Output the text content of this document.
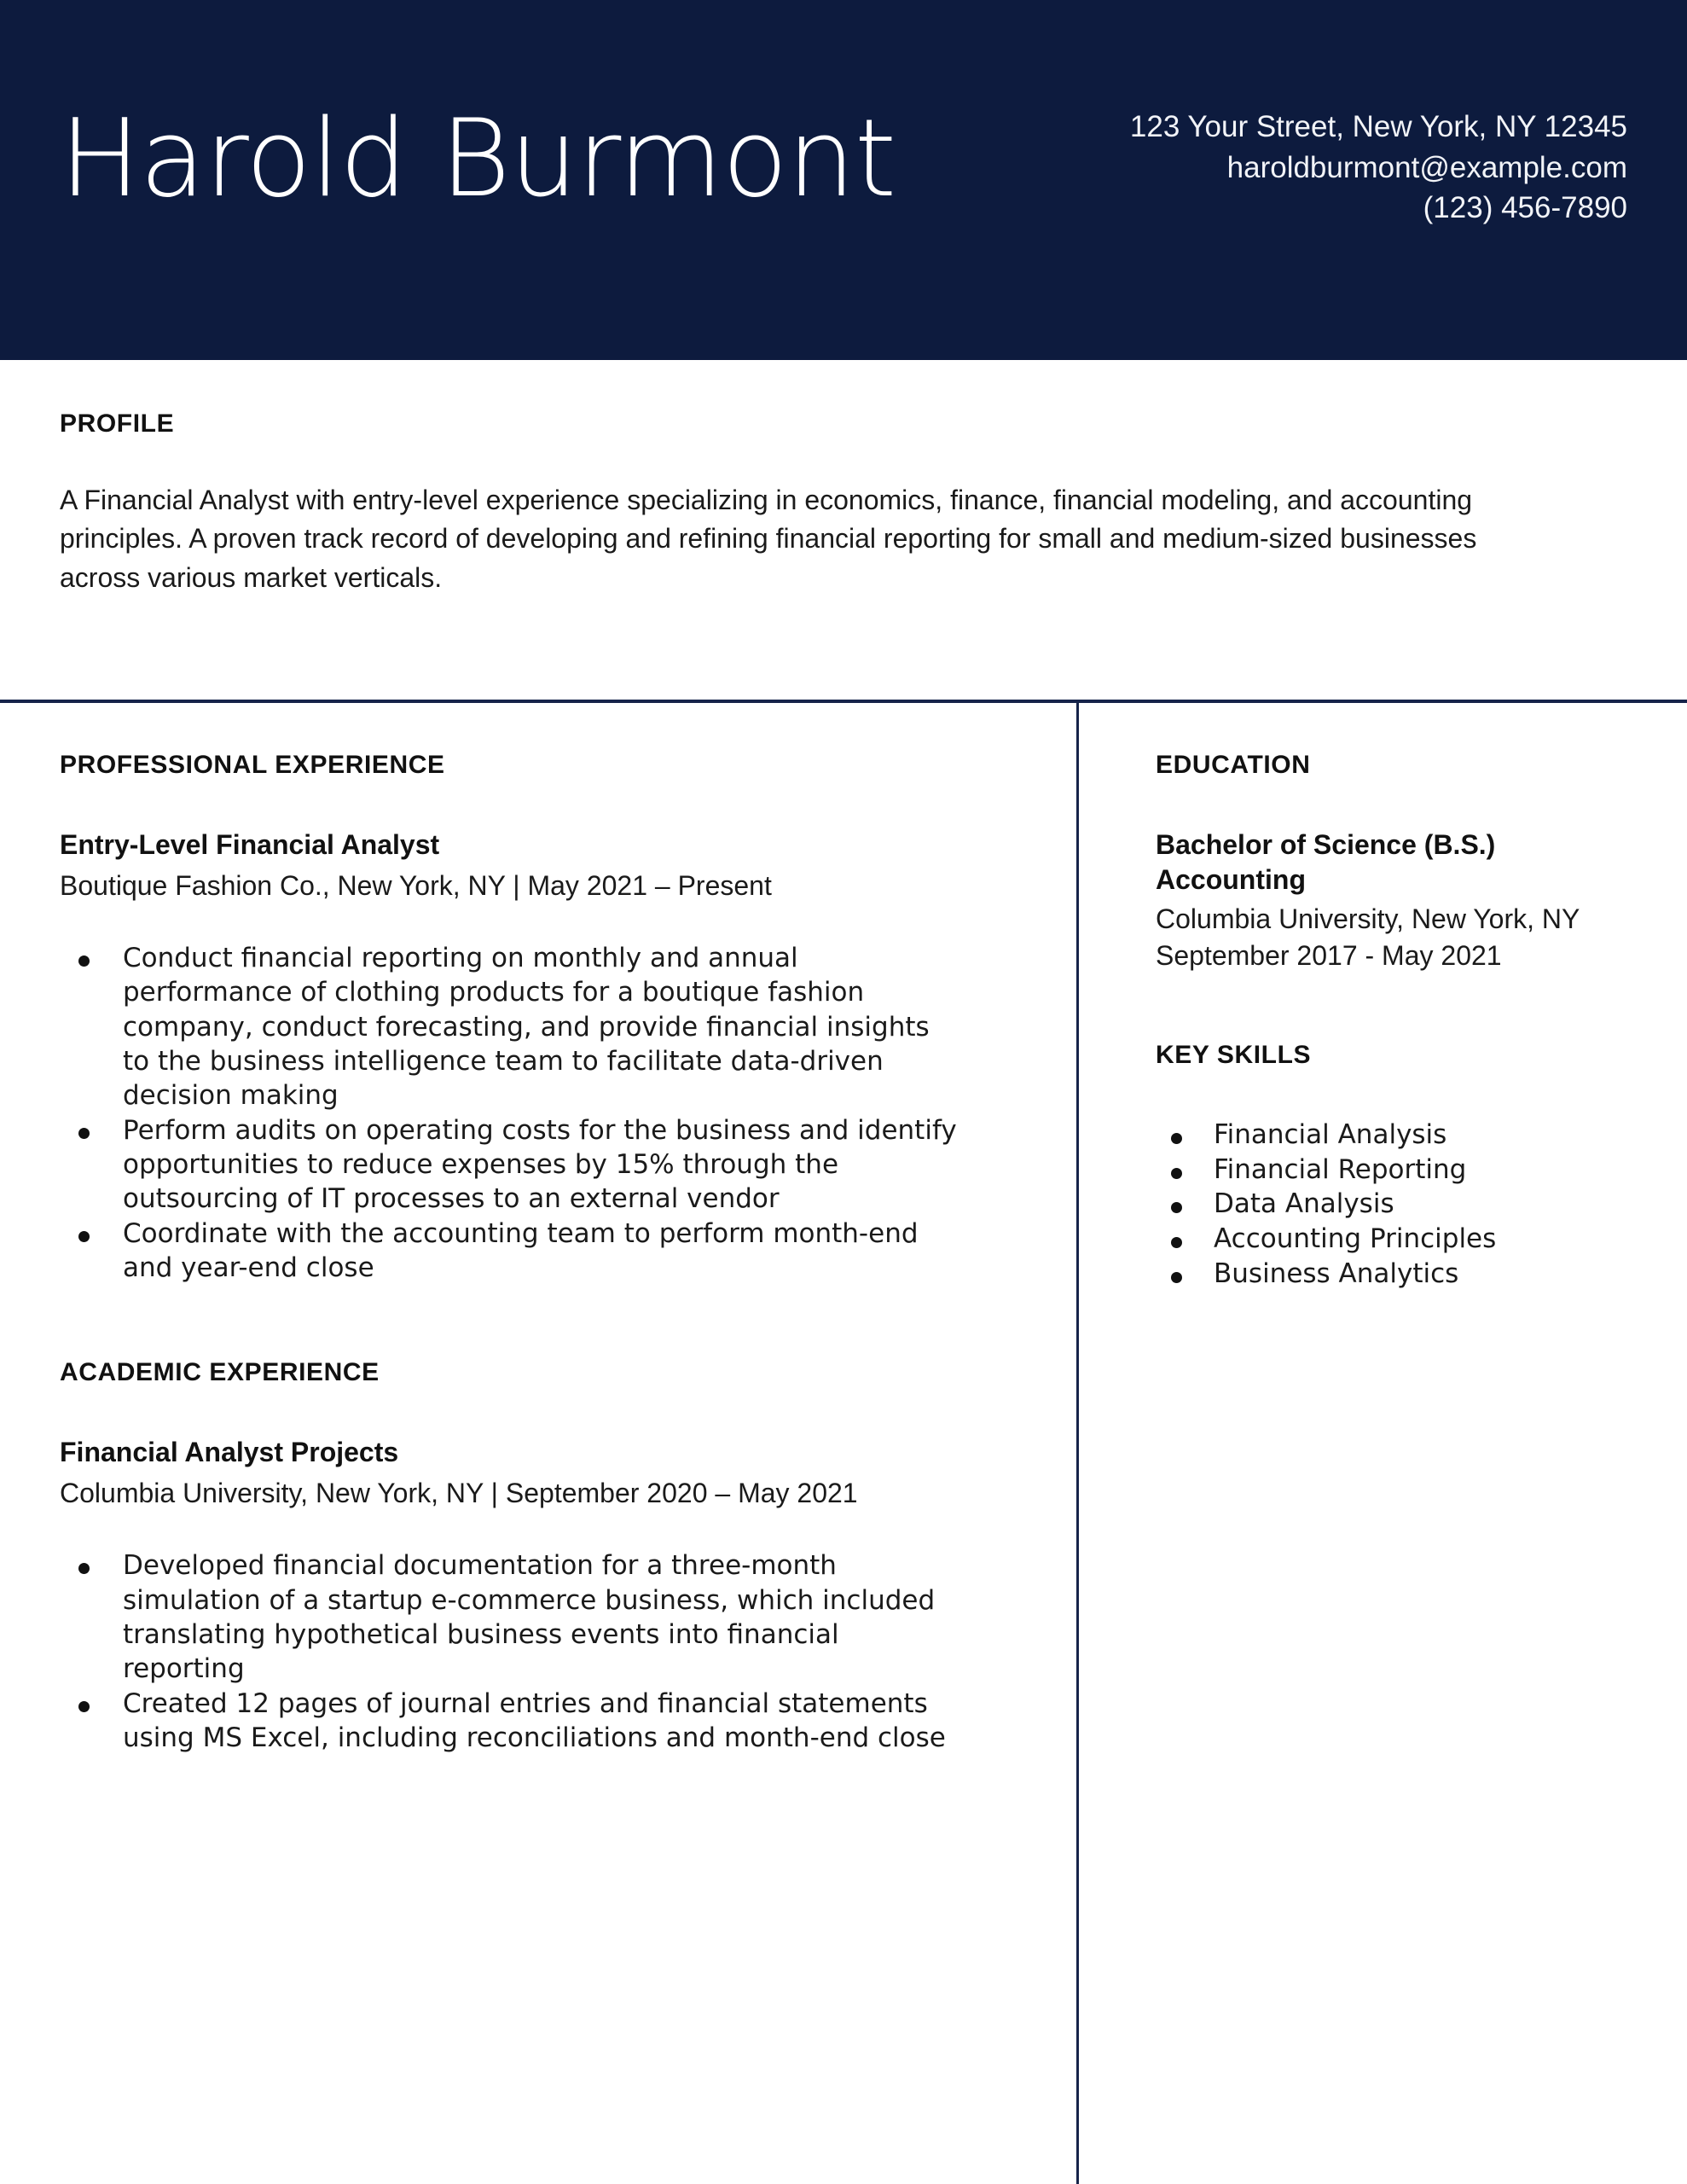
Harold Burmont	123 Your Street, New York, NY 12345
haroldburmont@example.com
(123) 456-7890
PROFILE
A Financial Analyst with entry-level experience specializing in economics, finance, financial modeling, and accounting principles. A proven track record of developing and refining financial reporting for small and medium-sized businesses across various market verticals.
PROFESSIONAL EXPERIENCE
Entry-Level Financial Analyst
Boutique Fashion Co., New York, NY | May 2021 – Present
Conduct financial reporting on monthly and annual performance of clothing products for a boutique fashion company, conduct forecasting, and provide financial insights to the business intelligence team to facilitate data-driven decision making
Perform audits on operating costs for the business and identify opportunities to reduce expenses by 15% through the outsourcing of IT processes to an external vendor
Coordinate with the accounting team to perform month-end and year-end close
ACADEMIC EXPERIENCE
Financial Analyst Projects
Columbia University, New York, NY | September 2020 – May 2021
Developed financial documentation for a three-month simulation of a startup e-commerce business, which included translating hypothetical business events into financial reporting
Created 12 pages of journal entries and financial statements using MS Excel, including reconciliations and month-end close
EDUCATION
Bachelor of Science (B.S.) Accounting
Columbia University, New York, NY
September 2017 - May 2021
KEY SKILLS
Financial Analysis
Financial Reporting
Data Analysis
Accounting Principles
Business Analytics
